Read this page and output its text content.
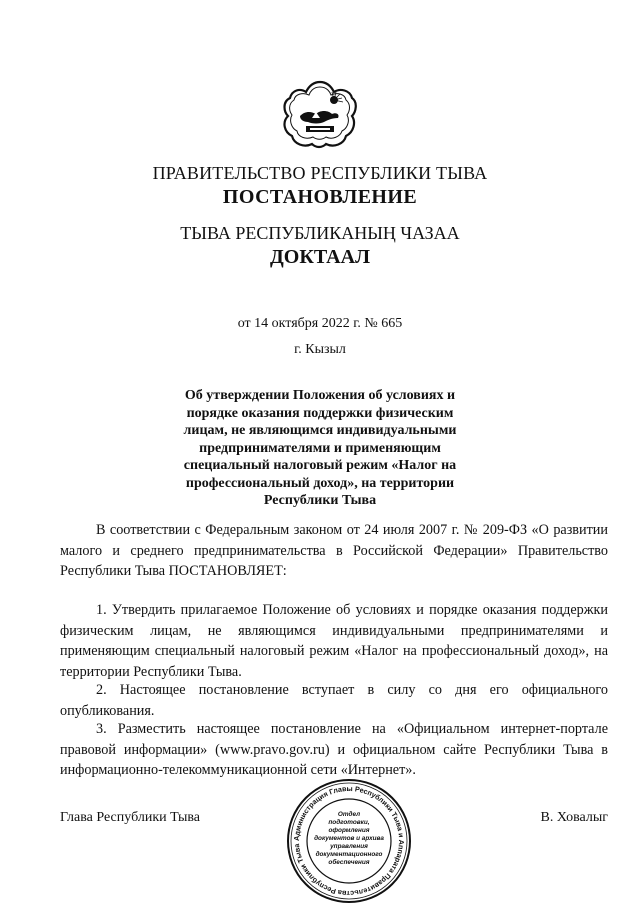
ПРАВИТЕЛЬСТВО РЕСПУБЛИКИ ТЫВА
ПОСТАНОВЛЕНИЕ
ТЫВА РЕСПУБЛИКАНЫҢ ЧАЗАА
ДОКТААЛ
от 14 октября 2022 г. № 665
г. Кызыл
Об утверждении Положения об условиях и порядке оказания поддержки физическим лицам, не являющимся индивидуальными предпринимателями и применяющим специальный налоговый режим «Налог на профессиональный доход», на территории Республики Тыва

В соответствии с Федеральным законом от 24 июля 2007 г. № 209-ФЗ «О развитии малого и среднего предпринимательства в Российской Федерации» Правительство Республики Тыва ПОСТАНОВЛЯЕТ:

1. Утвердить прилагаемое Положение об условиях и порядке оказания поддержки физическим лицам, не являющимся индивидуальными предпринимателями и применяющим специальный налоговый режим «Налог на профессиональный доход», на территории Республики Тыва.

2. Настоящее постановление вступает в силу со дня его официального опубликования.

3. Разместить настоящее постановление на «Официальном интернет-портале правовой информации» (www.pravo.gov.ru) и официальном сайте Республики Тыва в информационно-телекоммуникационной сети «Интернет».

Глава Республики Тыва	В. Ховалыг
Администрация Главы Республики Тыва и Аппарата Правительства Республики Тыва
Отдел
подготовки,
оформления
документов и архива
управления
документационного
обеспечения
